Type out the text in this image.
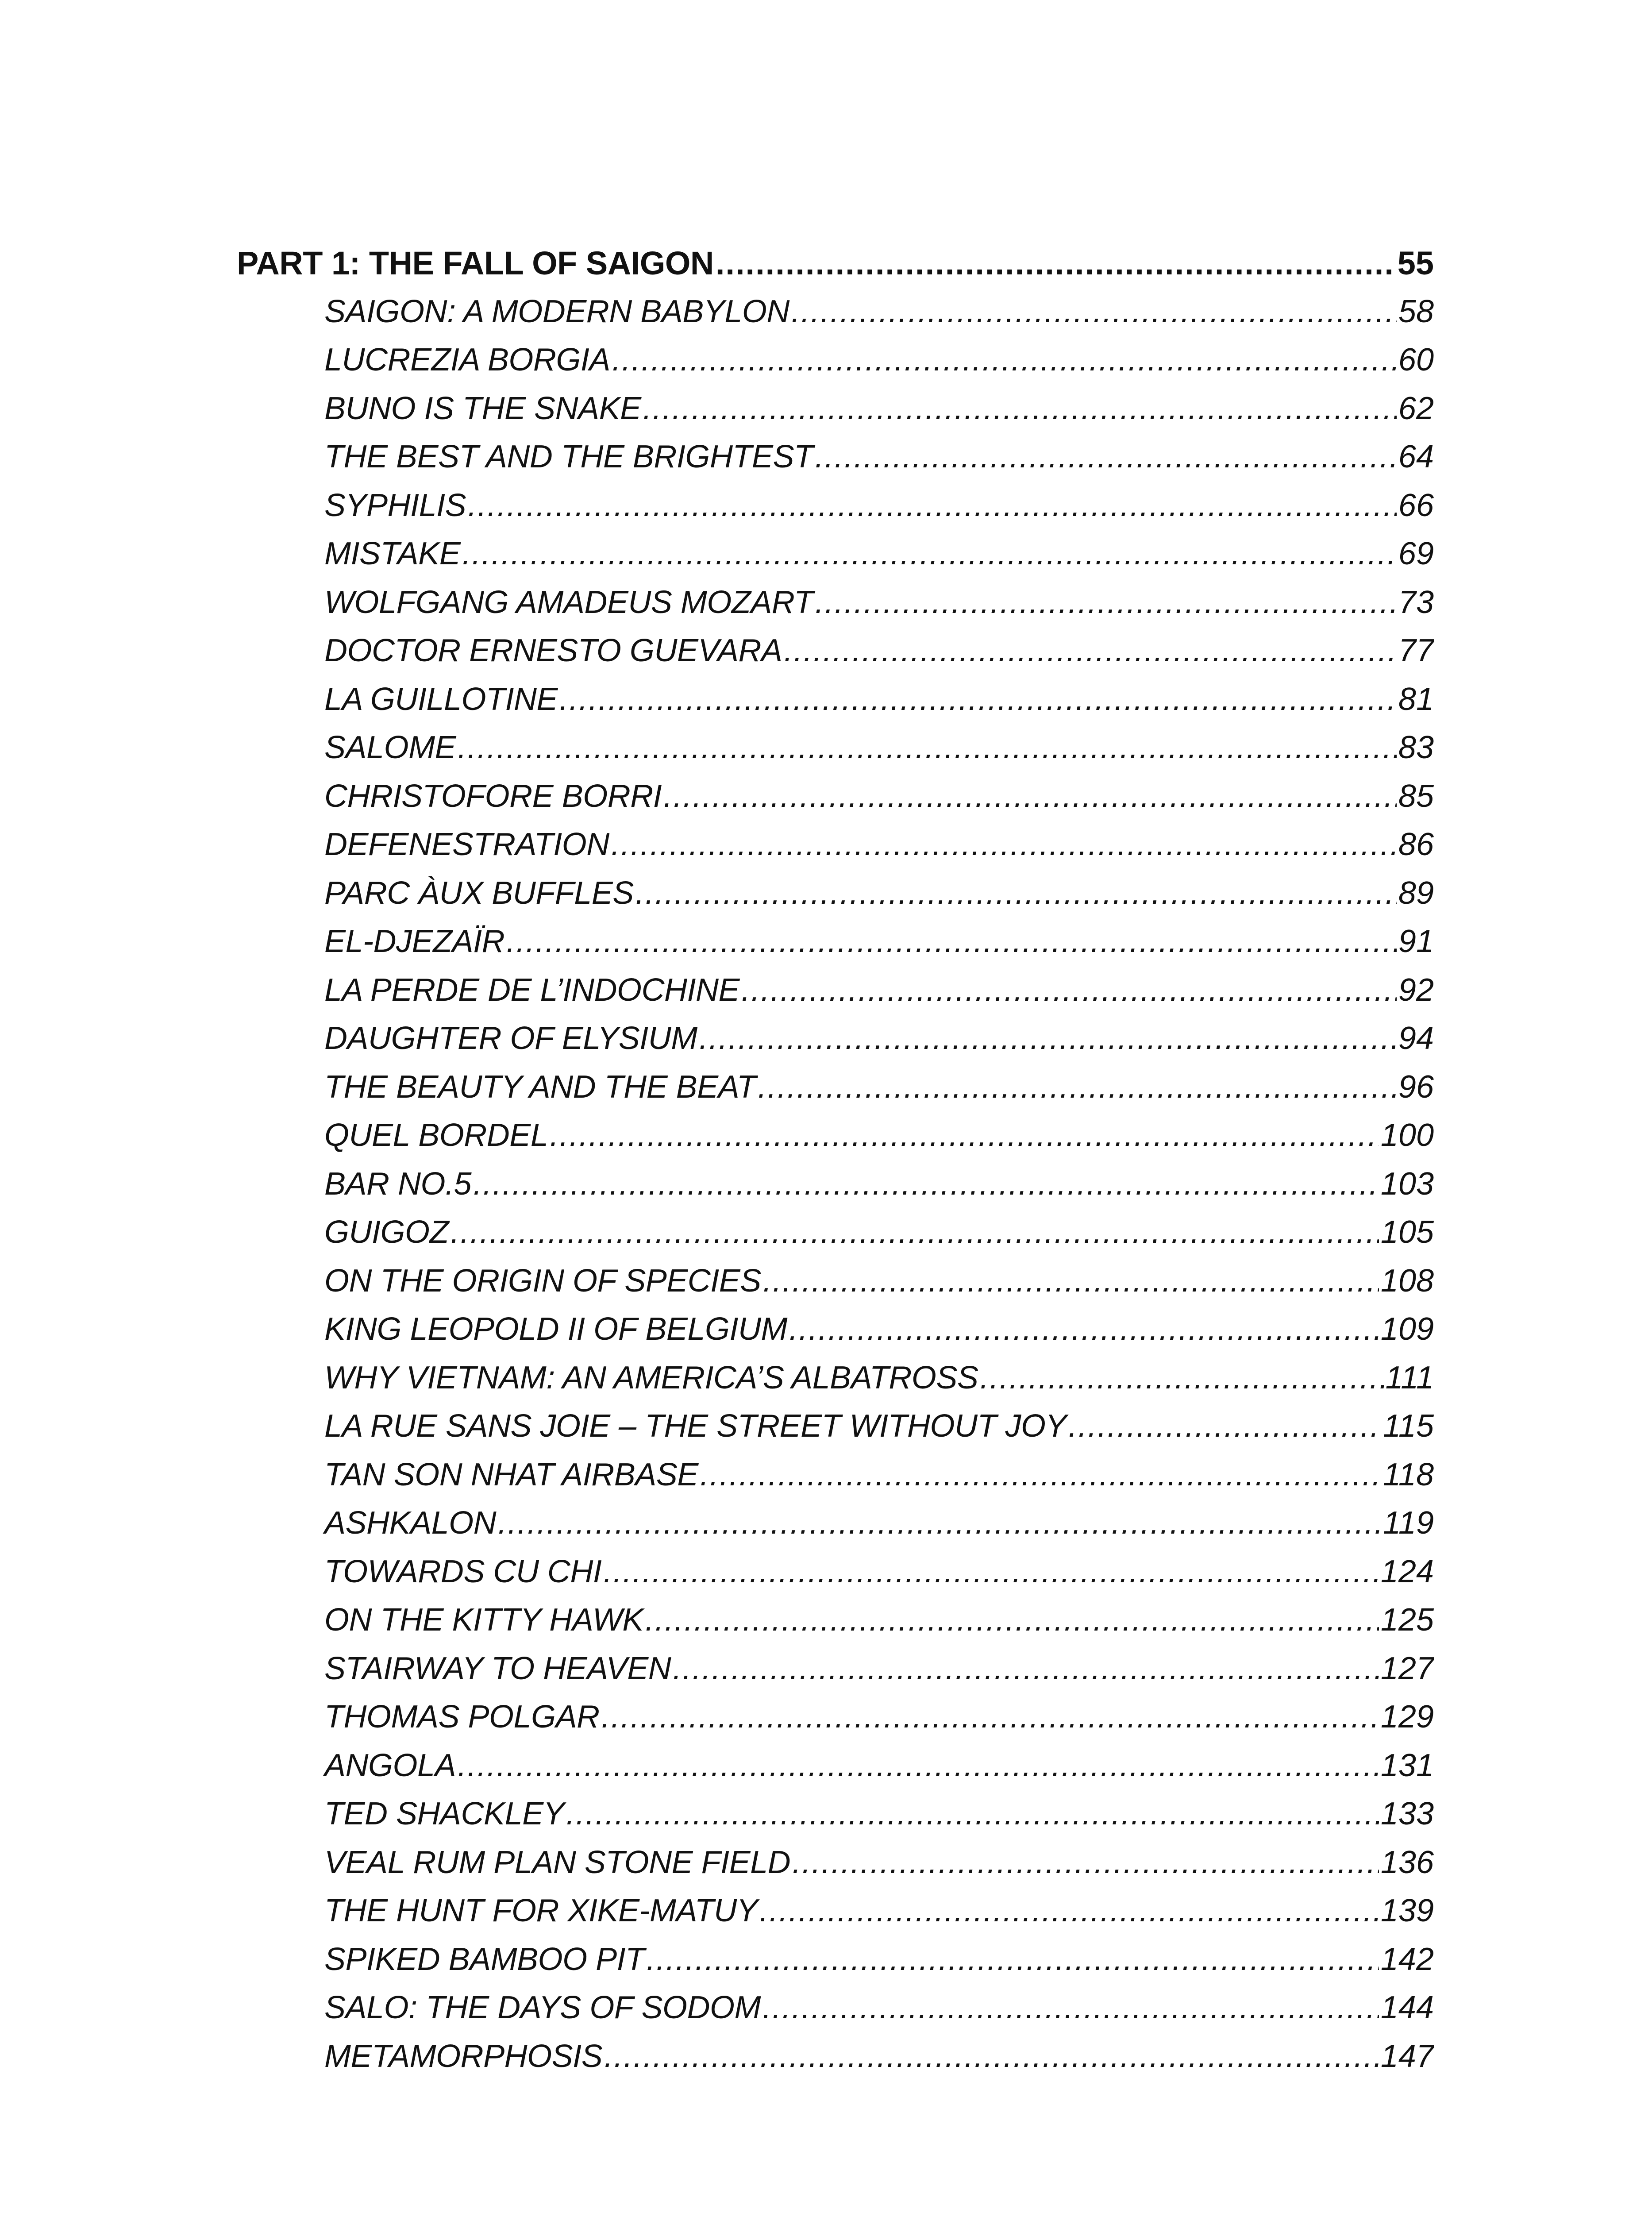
PART 1: THE FALL OF SAIGON .....	55
SAIGON: A MODERN BABYLON .....	58
LUCREZIA BORGIA .....	60
BUNO IS THE SNAKE .....	62
THE BEST AND THE BRIGHTEST .....	64
SYPHILIS .....	66
MISTAKE .....	69
WOLFGANG AMADEUS MOZART .....	73
DOCTOR ERNESTO GUEVARA .....	77
LA GUILLOTINE .....	81
SALOME .....	83
CHRISTOFORE BORRI .....	85
DEFENESTRATION .....	86
PARC ÀUX BUFFLES .....	89
EL-DJEZAÏR .....	91
LA PERDE DE L’INDOCHINE .....	92
DAUGHTER OF ELYSIUM .....	94
THE BEAUTY AND THE BEAT .....	96
QUEL BORDEL .....	100
BAR NO.5 .....	103
GUIGOZ .....	105
ON THE ORIGIN OF SPECIES .....	108
KING LEOPOLD II OF BELGIUM .....	109
WHY VIETNAM: AN AMERICA’S ALBATROSS .....	111
LA RUE SANS JOIE – THE STREET WITHOUT JOY .....	115
TAN SON NHAT AIRBASE .....	118
ASHKALON .....	119
TOWARDS CU CHI .....	124
ON THE KITTY HAWK .....	125
STAIRWAY TO HEAVEN .....	127
THOMAS POLGAR .....	129
ANGOLA .....	131
TED SHACKLEY .....	133
VEAL RUM PLAN STONE FIELD .....	136
THE HUNT FOR XIKE-MATUY .....	139
SPIKED BAMBOO PIT .....	142
SALO: THE DAYS OF SODOM .....	144
METAMORPHOSIS .....	147
